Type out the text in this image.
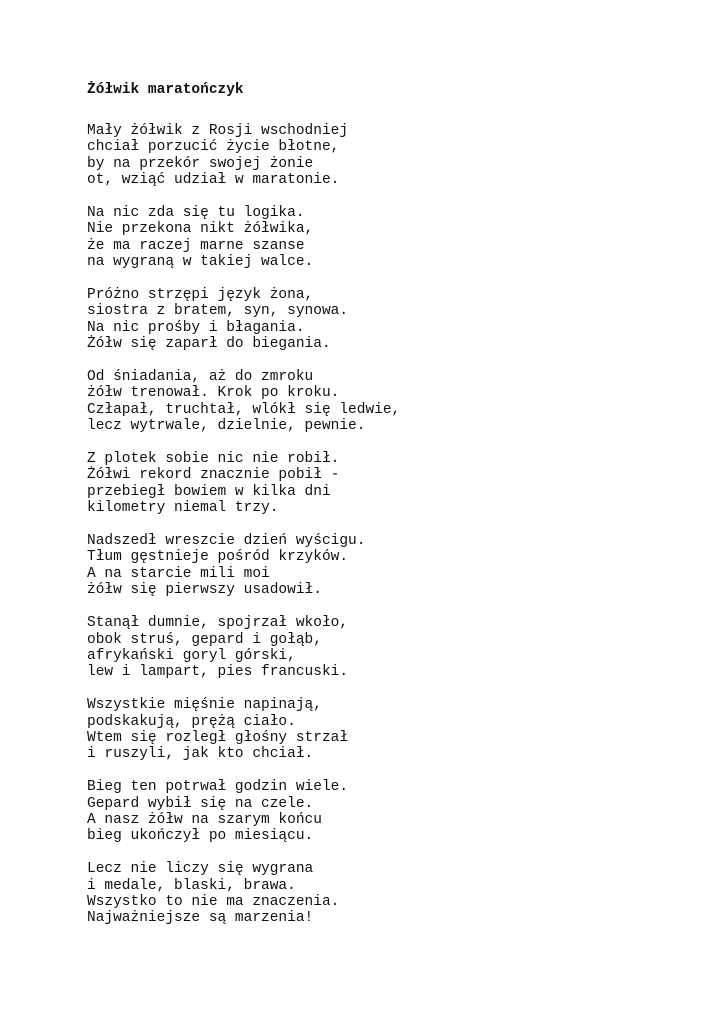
Żółwik maratończyk
Mały żółwik z Rosji wschodniej
chciał porzucić życie błotne,
by na przekór swojej żonie
ot, wziąć udział w maratonie.
Na nic zda się tu logika.
Nie przekona nikt żółwika,
że ma raczej marne szanse
na wygraną w takiej walce.
Próżno strzępi język żona,
siostra z bratem, syn, synowa.
Na nic prośby i błagania.
Żółw się zaparł do biegania.
Od śniadania, aż do zmroku
żółw trenował. Krok po kroku.
Człapał, truchtał, wlókł się ledwie,
lecz wytrwale, dzielnie, pewnie.
Z plotek sobie nic nie robił.
Żółwi rekord znacznie pobił -
przebiegł bowiem w kilka dni
kilometry niemal trzy.
Nadszedł wreszcie dzień wyścigu.
Tłum gęstnieje pośród krzyków.
A na starcie mili moi
żółw się pierwszy usadowił.
Stanął dumnie, spojrzał wkoło,
obok struś, gepard i gołąb,
afrykański goryl górski,
lew i lampart, pies francuski.
Wszystkie mięśnie napinają,
podskakują, prężą ciało.
Wtem się rozległ głośny strzał
i ruszyli, jak kto chciał.
Bieg ten potrwał godzin wiele.
Gepard wybił się na czele.
A nasz żółw na szarym końcu
bieg ukończył po miesiącu.
Lecz nie liczy się wygrana
i medale, blaski, brawa.
Wszystko to nie ma znaczenia.
Najważniejsze są marzenia!
